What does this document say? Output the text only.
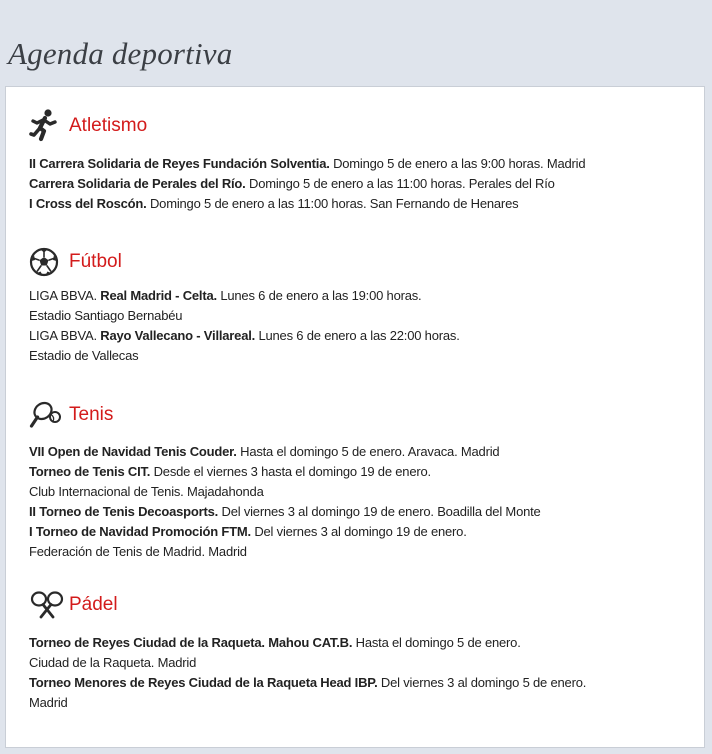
Agenda deportiva
Atletismo
II Carrera Solidaria de Reyes Fundación Solventia. Domingo 5 de enero a las 9:00 horas. Madrid
Carrera Solidaria de Perales del Río. Domingo 5 de enero a las 11:00 horas. Perales del Río
I Cross del Roscón. Domingo 5 de enero a las 11:00 horas. San Fernando de Henares
Fútbol
LIGA BBVA. Real Madrid - Celta. Lunes 6 de enero a las 19:00 horas.
Estadio Santiago Bernabéu
LIGA BBVA. Rayo Vallecano - Villareal. Lunes 6 de enero a las 22:00 horas.
Estadio de Vallecas
Tenis
VII Open de Navidad Tenis Couder. Hasta el domingo 5 de enero. Aravaca. Madrid
Torneo de Tenis CIT. Desde el viernes 3 hasta el domingo 19 de enero.
Club Internacional de Tenis. Majadahonda
II Torneo de Tenis Decoasports. Del viernes 3 al domingo 19 de enero. Boadilla del Monte
I Torneo de Navidad Promoción FTM. Del viernes 3 al domingo 19 de enero.
Federación de Tenis de Madrid. Madrid
Pádel
Torneo de Reyes Ciudad de la Raqueta. Mahou CAT.B. Hasta el domingo 5 de enero.
Ciudad de la Raqueta. Madrid
Torneo Menores de Reyes Ciudad de la Raqueta Head IBP. Del viernes 3 al domingo 5 de enero.
Madrid
